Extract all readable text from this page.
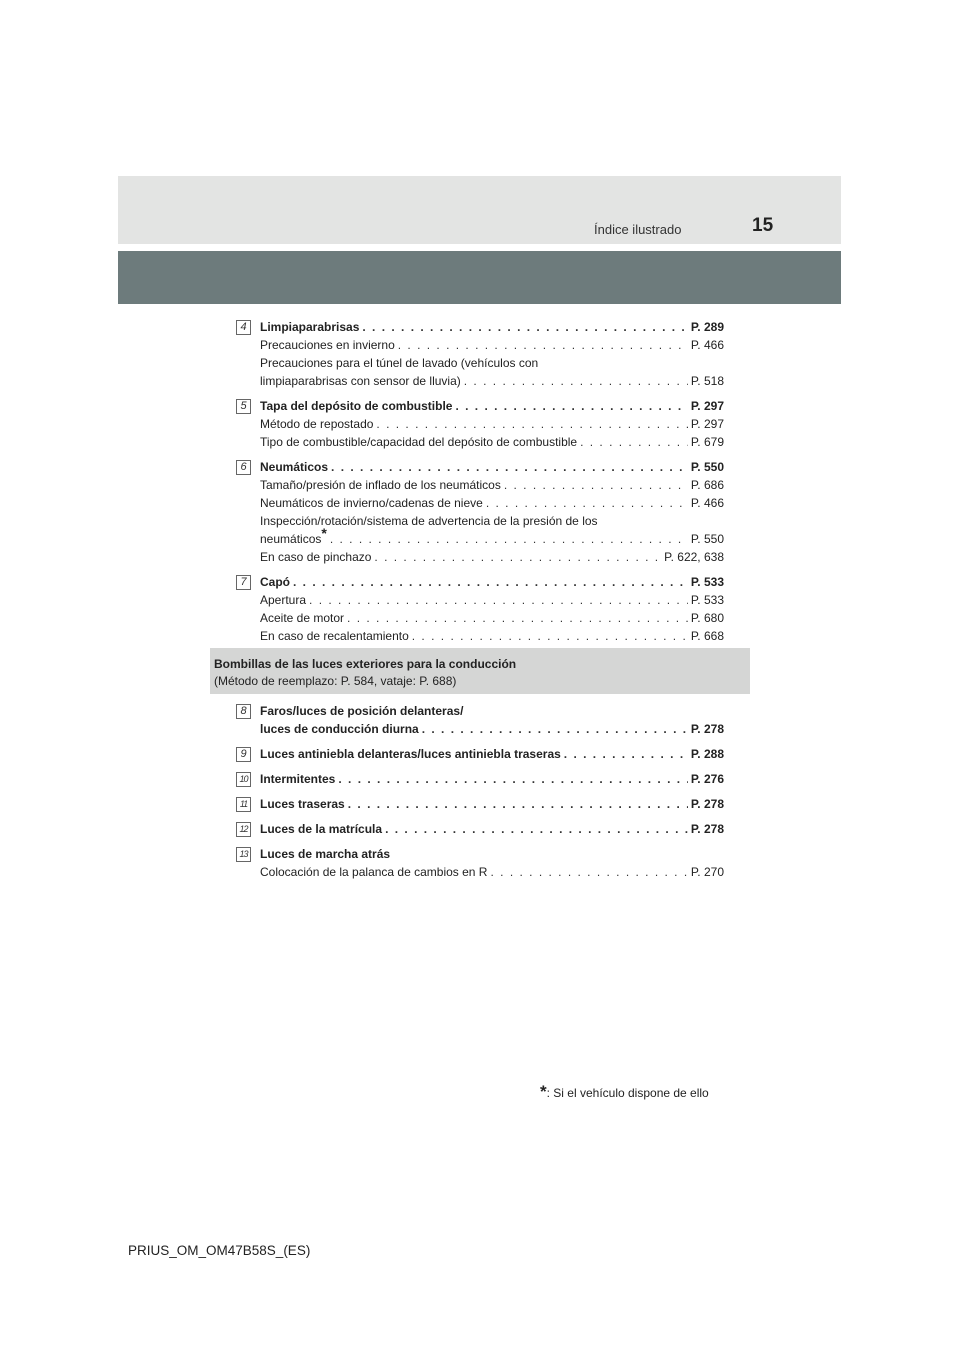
Índice ilustrado	15
4	Limpiaparabrisas . . .	P. 289
Precauciones en invierno . . .	P. 466
Precauciones para el túnel de lavado (vehículos con
limpiaparabrisas con sensor de lluvia) . . .	P. 518
5	Tapa del depósito de combustible . . .	P. 297
Método de repostado . . .	P. 297
Tipo de combustible/capacidad del depósito de combustible . . .	P. 679
6	Neumáticos . . .	P. 550
Tamaño/presión de inflado de los neumáticos . . .	P. 686
Neumáticos de invierno/cadenas de nieve . . .	P. 466
Inspección/rotación/sistema de advertencia de la presión de los
neumáticos* . . .	P. 550
En caso de pinchazo . . .	P. 622, 638
7	Capó . . .	P. 533
Apertura . . .	P. 533
Aceite de motor . . .	P. 680
En caso de recalentamiento . . .	P. 668
Bombillas de las luces exteriores para la conducción
(Método de reemplazo: P. 584, vataje: P. 688)
8	Faros/luces de posición delanteras/
luces de conducción diurna . . .	P. 278
9	Luces antiniebla delanteras/luces antiniebla traseras . . .	P. 288
10 Intermitentes . . .	P. 276
11	Luces traseras . . .	P. 278
12 Luces de la matrícula . . .	P. 278
13 Luces de marcha atrás
Colocación de la palanca de cambios en R . . .	P. 270
*: Si el vehículo dispone de ello
PRIUS_OM_OM47B58S_(ES)
